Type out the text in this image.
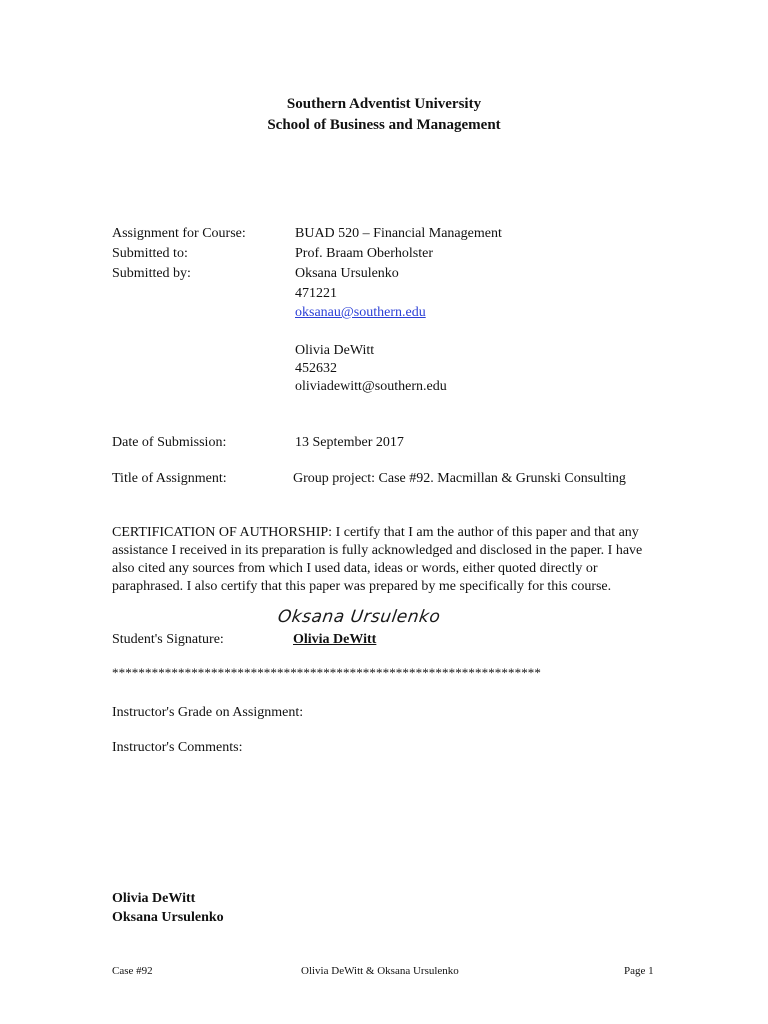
Southern Adventist University
School of Business and Management
Assignment for Course:	BUAD 520 – Financial Management
Submitted to:	Prof. Braam Oberholster
Submitted by:	Oksana Ursulenko
471221
oksanau@southern.edu
Olivia DeWitt
452632
oliviadewitt@southern.edu
Date of Submission:	13 September 2017
Title of Assignment:	Group project: Case #92. Macmillan & Grunski Consulting
CERTIFICATION OF AUTHORSHIP: I certify that I am the author of this paper and that any assistance I received in its preparation is fully acknowledged and disclosed in the paper. I have also cited any sources from which I used data, ideas or words, either quoted directly or paraphrased. I also certify that this paper was prepared by me specifically for this course.
Oksana Ursulenko
Student's Signature:	Olivia DeWitt
*****************************************************************
Instructor's Grade on Assignment:
Instructor's Comments:
Olivia DeWitt
Oksana Ursulenko
Case #92	Olivia DeWitt & Oksana Ursulenko	Page 1
